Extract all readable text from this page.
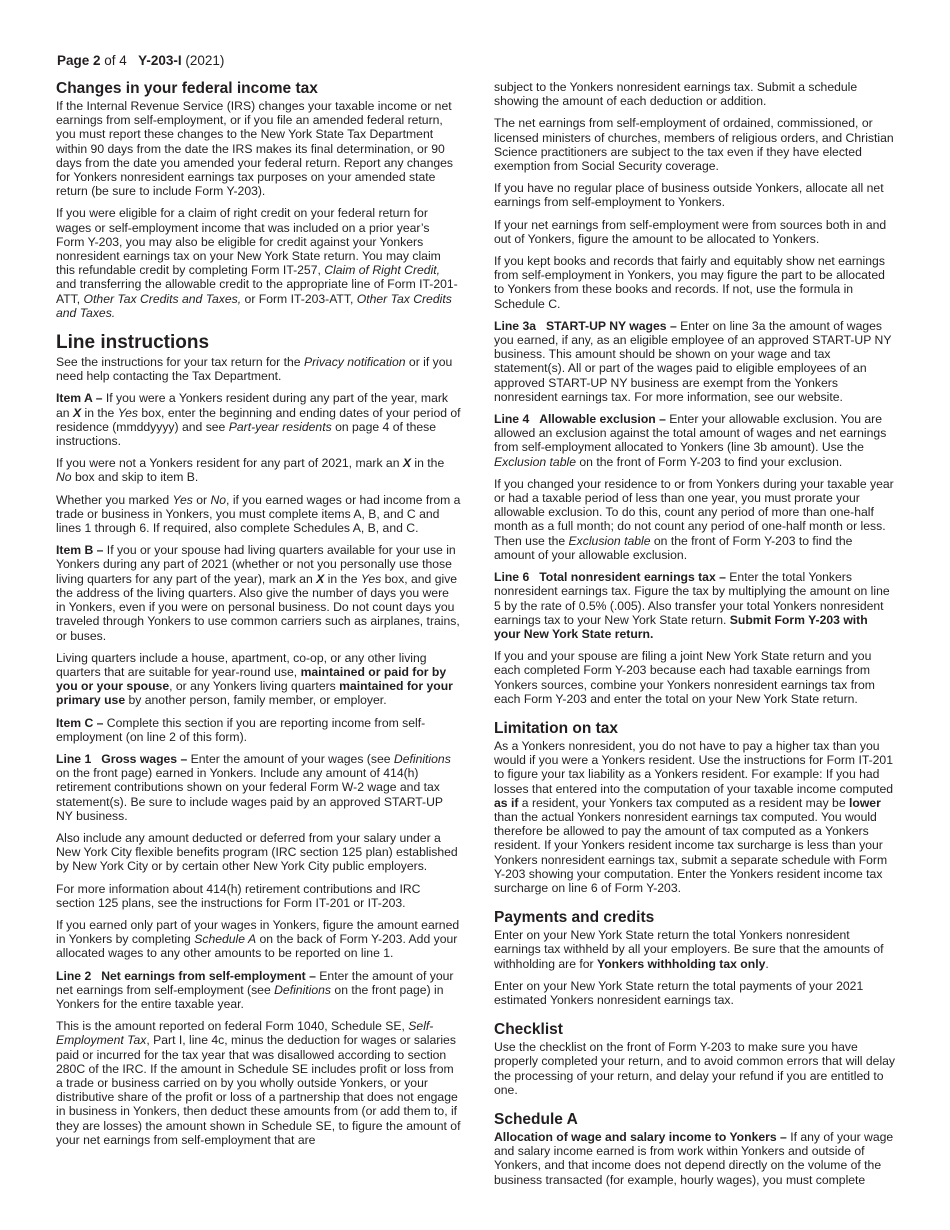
Page 2 of 4 Y-203-I (2021)
Changes in your federal income tax

If the Internal Revenue Service (IRS) changes your taxable income or net earnings from self-employment, or if you file an amended federal return, you must report these changes to the New York State Tax Department within 90 days from the date the IRS makes its final determination, or 90 days from the date you amended your federal return. Report any changes for Yonkers nonresident earnings tax purposes on your amended state return (be sure to include Form Y-203).

If you were eligible for a claim of right credit on your federal return for wages or self-employment income that was included on a prior year’s Form Y-203, you may also be eligible for credit against your Yonkers nonresident earnings tax on your New York State return. You may claim this refundable credit by completing Form IT-257, Claim of Right Credit, and transferring the allowable credit to the appropriate line of Form IT-201-ATT, Other Tax Credits and Taxes, or Form IT-203-ATT, Other Tax Credits and Taxes.

Line instructions

See the instructions for your tax return for the Privacy notification or if you need help contacting the Tax Department.

Item A – If you were a Yonkers resident during any part of the year, mark an X in the Yes box, enter the beginning and ending dates of your period of residence (mmddyyyy) and see Part-year residents on page 4 of these instructions.

If you were not a Yonkers resident for any part of 2021, mark an X in the No box and skip to item B.

Whether you marked Yes or No, if you earned wages or had income from a trade or business in Yonkers, you must complete items A, B, and C and lines 1 through 6. If required, also complete Schedules A, B, and C.

Item B – If you or your spouse had living quarters available for your use in Yonkers during any part of 2021 (whether or not you personally use those living quarters for any part of the year), mark an X in the Yes box, and give the address of the living quarters. Also give the number of days you were in Yonkers, even if you were on personal business. Do not count days you traveled through Yonkers to use common carriers such as airplanes, trains, or buses.

Living quarters include a house, apartment, co-op, or any other living quarters that are suitable for year-round use, maintained or paid for by you or your spouse, or any Yonkers living quarters maintained for your primary use by another person, family member, or employer.

Item C – Complete this section if you are reporting income from self-employment (on line 2 of this form).

Line 1 Gross wages – Enter the amount of your wages (see Definitions on the front page) earned in Yonkers. Include any amount of 414(h) retirement contributions shown on your federal Form W-2 wage and tax statement(s). Be sure to include wages paid by an approved START-UP NY business.

Also include any amount deducted or deferred from your salary under a New York City flexible benefits program (IRC section 125 plan) established by New York City or by certain other New York City public employers.

For more information about 414(h) retirement contributions and IRC section 125 plans, see the instructions for Form IT-201 or IT-203.

If you earned only part of your wages in Yonkers, figure the amount earned in Yonkers by completing Schedule A on the back of Form Y-203. Add your allocated wages to any other amounts to be reported on line 1.

Line 2 Net earnings from self-employment – Enter the amount of your net earnings from self-employment (see Definitions on the front page) in Yonkers for the entire taxable year.

This is the amount reported on federal Form 1040, Schedule SE, Self-Employment Tax, Part I, line 4c, minus the deduction for wages or salaries paid or incurred for the tax year that was disallowed according to section 280C of the IRC. If the amount in Schedule SE includes profit or loss from a trade or business carried on by you wholly outside Yonkers, or your distributive share of the profit or loss of a partnership that does not engage in business in Yonkers, then deduct these amounts from (or add them to, if they are losses) the amount shown in Schedule SE, to figure the amount of your net earnings from self-employment that are

subject to the Yonkers nonresident earnings tax. Submit a schedule showing the amount of each deduction or addition.

The net earnings from self-employment of ordained, commissioned, or licensed ministers of churches, members of religious orders, and Christian Science practitioners are subject to the tax even if they have elected exemption from Social Security coverage.

If you have no regular place of business outside Yonkers, allocate all net earnings from self-employment to Yonkers.

If your net earnings from self-employment were from sources both in and out of Yonkers, figure the amount to be allocated to Yonkers.

If you kept books and records that fairly and equitably show net earnings from self-employment in Yonkers, you may figure the part to be allocated to Yonkers from these books and records. If not, use the formula in Schedule C.

Line 3a START-UP NY wages – Enter on line 3a the amount of wages you earned, if any, as an eligible employee of an approved START-UP NY business. This amount should be shown on your wage and tax statement(s). All or part of the wages paid to eligible employees of an approved START-UP NY business are exempt from the Yonkers nonresident earnings tax. For more information, see our website.

Line 4 Allowable exclusion – Enter your allowable exclusion. You are allowed an exclusion against the total amount of wages and net earnings from self-employment allocated to Yonkers (line 3b amount). Use the Exclusion table on the front of Form Y-203 to find your exclusion.

If you changed your residence to or from Yonkers during your taxable year or had a taxable period of less than one year, you must prorate your allowable exclusion. To do this, count any period of more than one-half month as a full month; do not count any period of one-half month or less. Then use the Exclusion table on the front of Form Y-203 to find the amount of your allowable exclusion.

Line 6 Total nonresident earnings tax – Enter the total Yonkers nonresident earnings tax. Figure the tax by multiplying the amount on line 5 by the rate of 0.5% (.005). Also transfer your total Yonkers nonresident earnings tax to your New York State return. Submit Form Y-203 with your New York State return.

If you and your spouse are filing a joint New York State return and you each completed Form Y-203 because each had taxable earnings from Yonkers sources, combine your Yonkers nonresident earnings tax from each Form Y-203 and enter the total on your New York State return.

Limitation on tax

As a Yonkers nonresident, you do not have to pay a higher tax than you would if you were a Yonkers resident. Use the instructions for Form IT-201 to figure your tax liability as a Yonkers resident. For example: If you had losses that entered into the computation of your taxable income computed as if a resident, your Yonkers tax computed as a resident may be lower than the actual Yonkers nonresident earnings tax computed. You would therefore be allowed to pay the amount of tax computed as a Yonkers resident. If your Yonkers resident income tax surcharge is less than your Yonkers nonresident earnings tax, submit a separate schedule with Form Y-203 showing your computation. Enter the Yonkers resident income tax surcharge on line 6 of Form Y-203.

Payments and credits

Enter on your New York State return the total Yonkers nonresident earnings tax withheld by all your employers. Be sure that the amounts of withholding are for Yonkers withholding tax only.

Enter on your New York State return the total payments of your 2021 estimated Yonkers nonresident earnings tax.

Checklist

Use the checklist on the front of Form Y-203 to make sure you have properly completed your return, and to avoid common errors that will delay the processing of your return, and delay your refund if you are entitled to one.

Schedule A

Allocation of wage and salary income to Yonkers – If any of your wage and salary income earned is from work within Yonkers and outside of Yonkers, and that income does not depend directly on the volume of the business transacted (for example, hourly wages), you must complete
